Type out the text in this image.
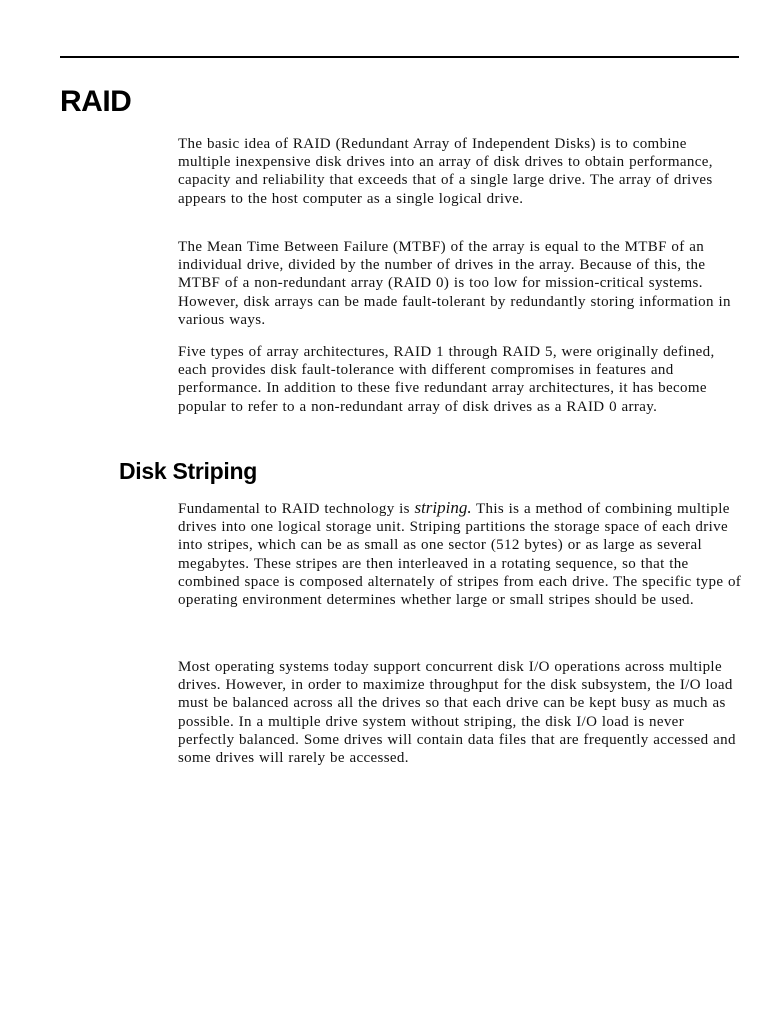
RAID

The basic idea of RAID (Redundant Array of Independent Disks) is to combine multiple inexpensive disk drives into an array of disk drives to obtain performance, capacity and reliability that exceeds that of a single large drive. The array of drives appears to the host computer as a single logical drive.

The Mean Time Between Failure (MTBF) of the array is equal to the MTBF of an individual drive, divided by the number of drives in the array. Because of this, the MTBF of a non-redundant array (RAID 0) is too low for mission-critical systems. However, disk arrays can be made fault-tolerant by redundantly storing information in various ways.

Five types of array architectures, RAID 1 through RAID 5, were originally defined, each provides disk fault-tolerance with different compromises in features and performance. In addition to these five redundant array architectures, it has become popular to refer to a non-redundant array of disk drives as a RAID 0 array.

Disk Striping

Fundamental to RAID technology is striping. This is a method of combining multiple drives into one logical storage unit. Striping partitions the storage space of each drive into stripes, which can be as small as one sector (512 bytes) or as large as several megabytes. These stripes are then interleaved in a rotating sequence, so that the combined space is composed alternately of stripes from each drive. The specific type of operating environment determines whether large or small stripes should be used.

Most operating systems today support concurrent disk I/O operations across multiple drives. However, in order to maximize throughput for the disk subsystem, the I/O load must be balanced across all the drives so that each drive can be kept busy as much as possible. In a multiple drive system without striping, the disk I/O load is never perfectly balanced. Some drives will contain data files that are frequently accessed and some drives will rarely be accessed.
